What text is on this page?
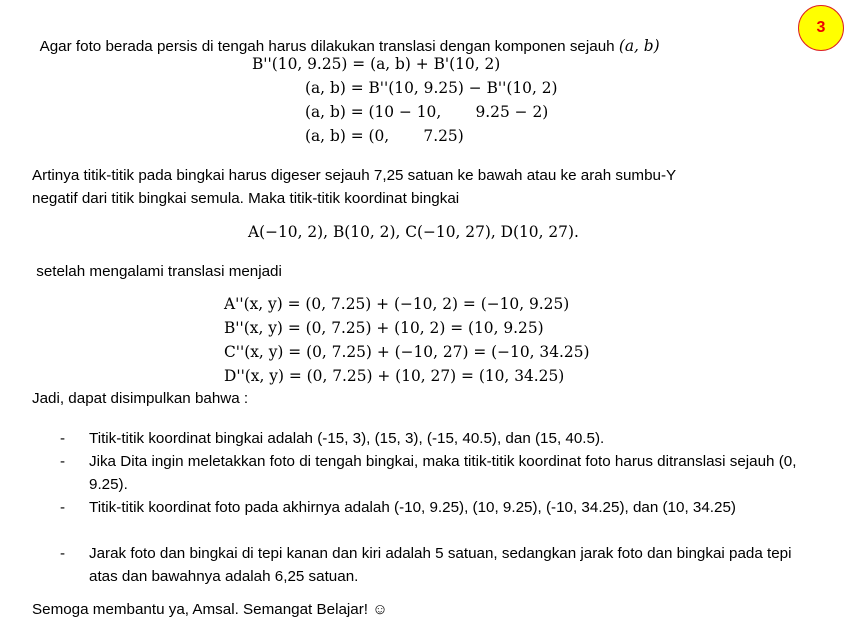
3

Agar foto berada persis di tengah harus dilakukan translasi dengan komponen sejauh (a, b)

B''(10, 9.25) = (a, b) + B'(10, 2)
(a, b) = B''(10, 9.25) − B''(10, 2)
(a, b) = (10 − 10,       9.25 − 2)
(a, b) = (0,       7.25)
Artinya titik-titik pada bingkai harus digeser sejauh 7,25 satuan ke bawah atau ke arah sumbu-Y
negatif dari titik bingkai semula. Maka titik-titik koordinat bingkai
A(−10, 2), B(10, 2), C(−10, 27), D(10, 27).
setelah mengalami translasi menjadi
A''(x, y) = (0, 7.25) + (−10, 2) = (−10, 9.25)
B''(x, y) = (0, 7.25) + (10, 2) = (10, 9.25)
C''(x, y) = (0, 7.25) + (−10, 27) = (−10, 34.25)
D''(x, y) = (0, 7.25) + (10, 27) = (10, 34.25)
Jadi, dapat disimpulkan bahwa :
- Titik-titik koordinat bingkai adalah (-15, 3), (15, 3), (-15, 40.5), dan (15, 40.5).
- Jika Dita ingin meletakkan foto di tengah bingkai, maka titik-titik koordinat foto harus ditranslasi sejauh (0, 9.25).
- Titik-titik koordinat foto pada akhirnya adalah (-10, 9.25), (10, 9.25), (-10, 34.25), dan (10, 34.25)
- Jarak foto dan bingkai di tepi kanan dan kiri adalah 5 satuan, sedangkan jarak foto dan bingkai pada tepi atas dan bawahnya adalah 6,25 satuan.
Semoga membantu ya, Amsal. Semangat Belajar! ☺
